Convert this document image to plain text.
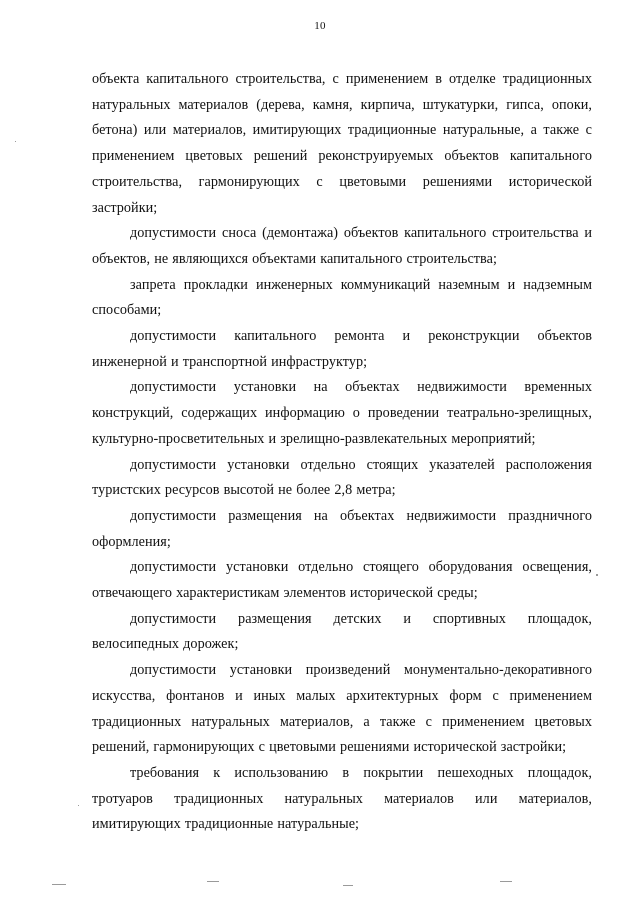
10

объекта капитального строительства, с применением в отделке традиционных натуральных материалов (дерева, камня, кирпича, штукатурки, гипса, опоки, бетона) или материалов, имитирующих традиционные натуральные, а также с применением цветовых решений реконструируемых объектов капитального строительства, гармонирующих с цветовыми решениями исторической застройки;

допустимости сноса (демонтажа) объектов капитального строительства и объектов, не являющихся объектами капитального строительства;

запрета прокладки инженерных коммуникаций наземным и надземным способами;

допустимости капитального ремонта и реконструкции объектов инженерной и транспортной инфраструктур;

допустимости установки на объектах недвижимости временных конструкций, содержащих информацию о проведении театрально-зрелищных, культурно-просветительных и зрелищно-развлекательных мероприятий;

допустимости установки отдельно стоящих указателей расположения туристских ресурсов высотой не более 2,8 метра;

допустимости размещения на объектах недвижимости праздничного оформления;

допустимости установки отдельно стоящего оборудования освещения, отвечающего характеристикам элементов исторической среды;

допустимости размещения детских и спортивных площадок, велосипедных дорожек;

допустимости установки произведений монументально-декоративного искусства, фонтанов и иных малых архитектурных форм с применением традиционных натуральных материалов, а также с применением цветовых решений, гармонирующих с цветовыми решениями исторической застройки;

требования к использованию в покрытии пешеходных площадок, тротуаров традиционных натуральных материалов или материалов, имитирующих традиционные натуральные;
